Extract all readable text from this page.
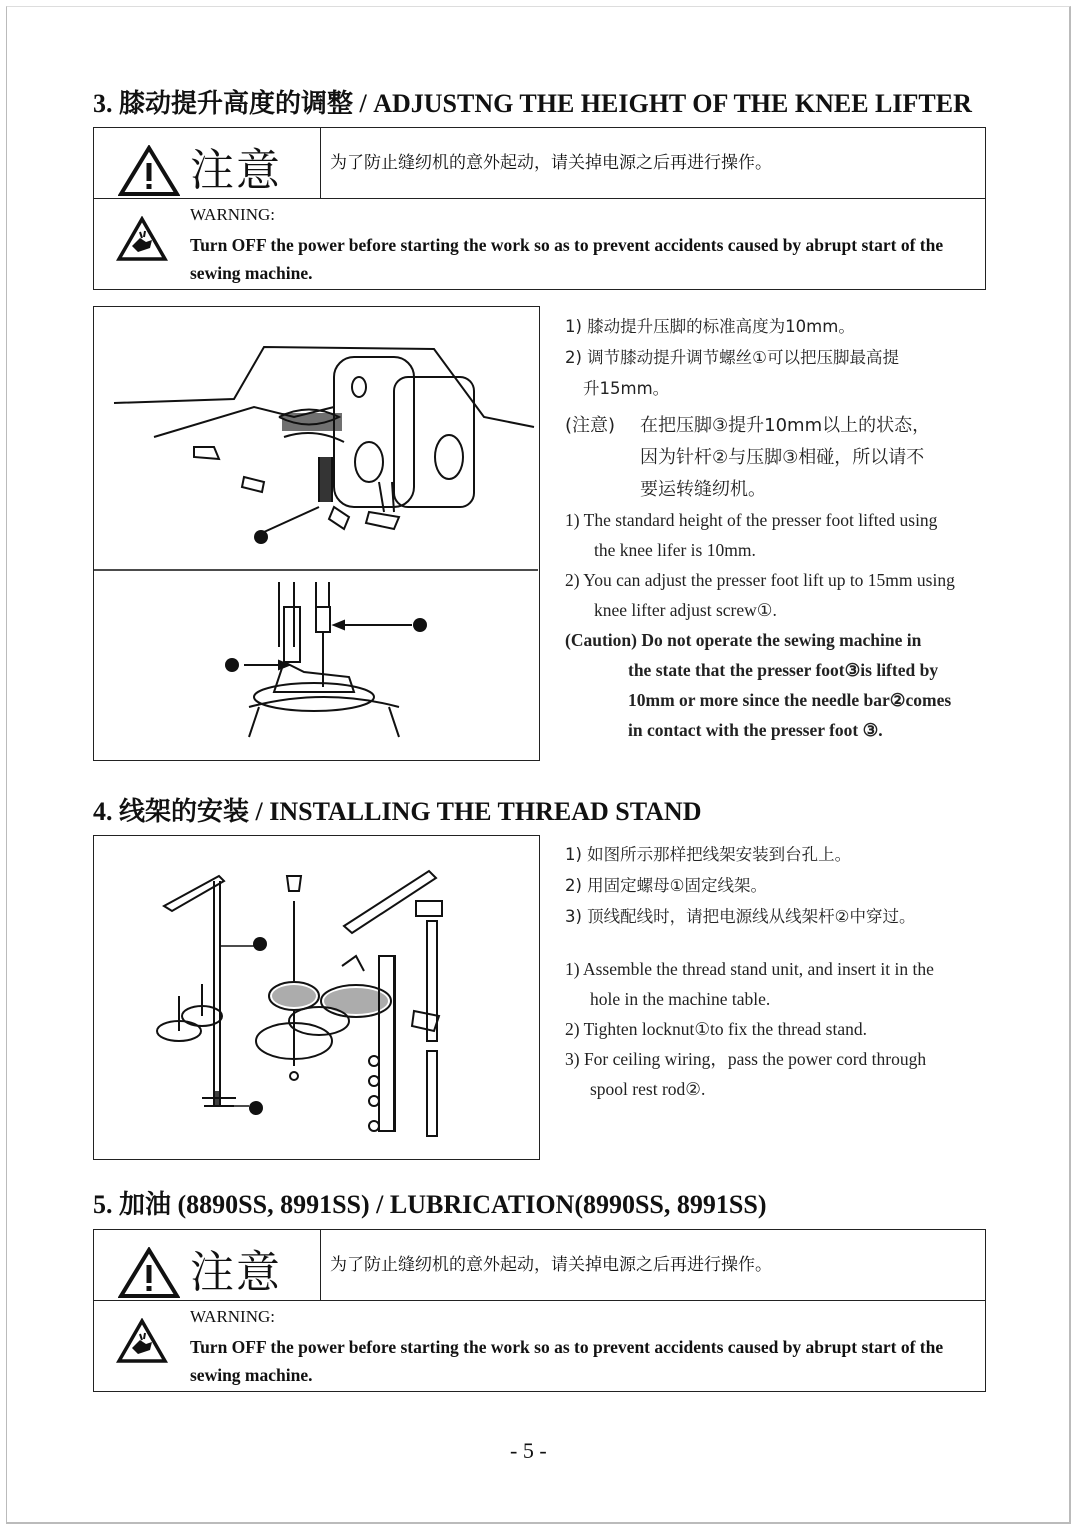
3. 膝动提升高度的调整 / ADJUSTNG THE HEIGHT OF THE KNEE LIFTER
注意	为了防止缝纫机的意外起动，请关掉电源之后再进行操作。
WARNING:
Turn OFF the power before starting the work so as to prevent accidents caused by abrupt start of the sewing machine.
1) 膝动提升压脚的标准高度为10mm。
2) 调节膝动提升调节螺丝①可以把压脚最高提
升15mm。
(注意) 在把压脚③提升10mm以上的状态，
因为针杆②与压脚③相碰，所以请不
要运转缝纫机。
1) The standard height of the presser foot lifted using
the knee lifer is 10mm.
2) You can adjust the presser foot lift up to 15mm using
knee lifter adjust screw①.
(Caution) Do not operate the sewing machine in
the state that the presser foot③is lifted by
10mm or more since the needle bar②comes
in contact with the presser foot ③.
4. 线架的安装 / INSTALLING THE THREAD STAND
1) 如图所示那样把线架安装到台孔上。
2) 用固定螺母①固定线架。
3) 顶线配线时，请把电源线从线架杆②中穿过。
1) Assemble the thread stand unit, and insert it in the
hole in the machine table.
2) Tighten locknut①to fix the thread stand.
3) For ceiling wiring，pass the power cord through
spool rest rod②.
5. 加油 (8890SS, 8991SS) / LUBRICATION(8990SS, 8991SS)
注意	为了防止缝纫机的意外起动，请关掉电源之后再进行操作。
WARNING:
Turn OFF the power before starting the work so as to prevent accidents caused by abrupt start of the sewing machine.
- 5 -
